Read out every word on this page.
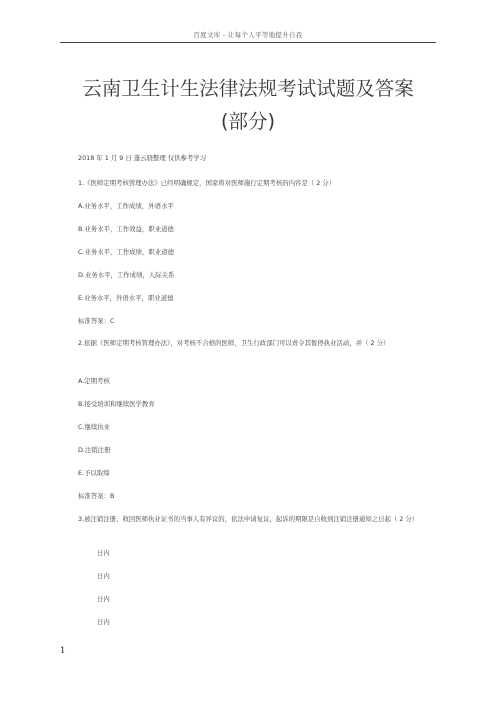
百度文库 - 让每个人平等地提升自我
云南卫生计生法律法规考试试题及答案
(部分)
2018 年 1 月 9 日 蓬云骁整理 仅供参考学习
1.《医师定期考核管理办法》已经明确规定，国家将对医师施行定期考核的内容是（ 2 分）
A.业务水平，工作成绩，外语水平
B.业务水平，工作效益，职业道德
C.业务水平，工作成绩，职业道德
D.业务水平，工作成绩，人际关系
E.业务水平，外语水平，职业道德
标准答案：C
2.依据《医师定期考核管理办法》，对考核不合格的医师，卫生行政部门可以责令其暂停执业活动，并（ 2 分）
A.定期考核
B.接受培训和继续医学教育
C.继续执业
D.注销注册
E.予以取缔
标准答案：B
3.被注销注册、收回医师执业证书的当事人有异议的，依法申请复议，起诉的期限是自收到注销注册通知之日起（ 2 分）
日内
日内
日内
日内
1
